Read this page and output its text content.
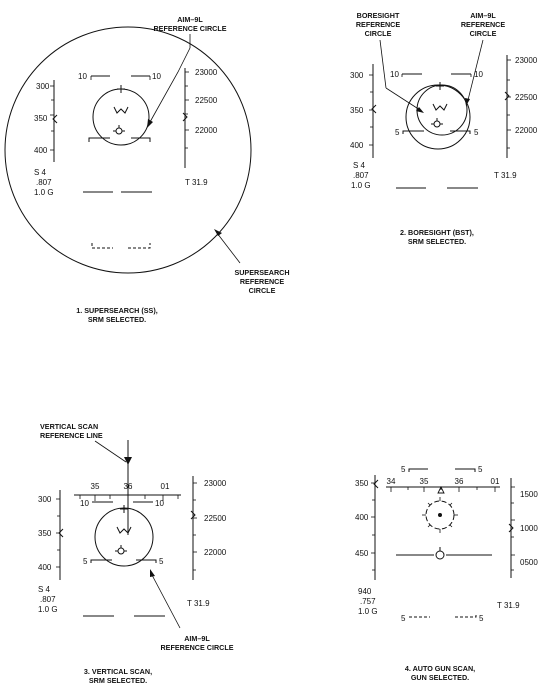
AIM–9L
REFERENCE CIRCLE
10	10
300
350
400
23000
22500
22000
S 4
.807
1.0 G
T 31.9
SUPERSEARCH
REFERENCE
CIRCLE
1. SUPERSEARCH (SS),
SRM SELECTED.
BORESIGHT
REFERENCE
CIRCLE
AIM–9L
REFERENCE
CIRCLE
10	10
5	5
300
350
400
23000
22500
22000
S 4
.807
1.0 G
T 31.9
2. BORESIGHT (BST),
SRM SELECTED.
VERTICAL SCAN
REFERENCE LINE
35	36	01
10	10
5	5
300
350
400
23000
22500
22000
S 4
.807
1.0 G
T 31.9
AIM–9L
REFERENCE CIRCLE
3. VERTICAL SCAN,
SRM SELECTED.
5	5
34	35	36	01
350
400
450
1500
1000
0500
940
.757
1.0 G
T 31.9
5	5
4. AUTO GUN SCAN,
GUN SELECTED.
